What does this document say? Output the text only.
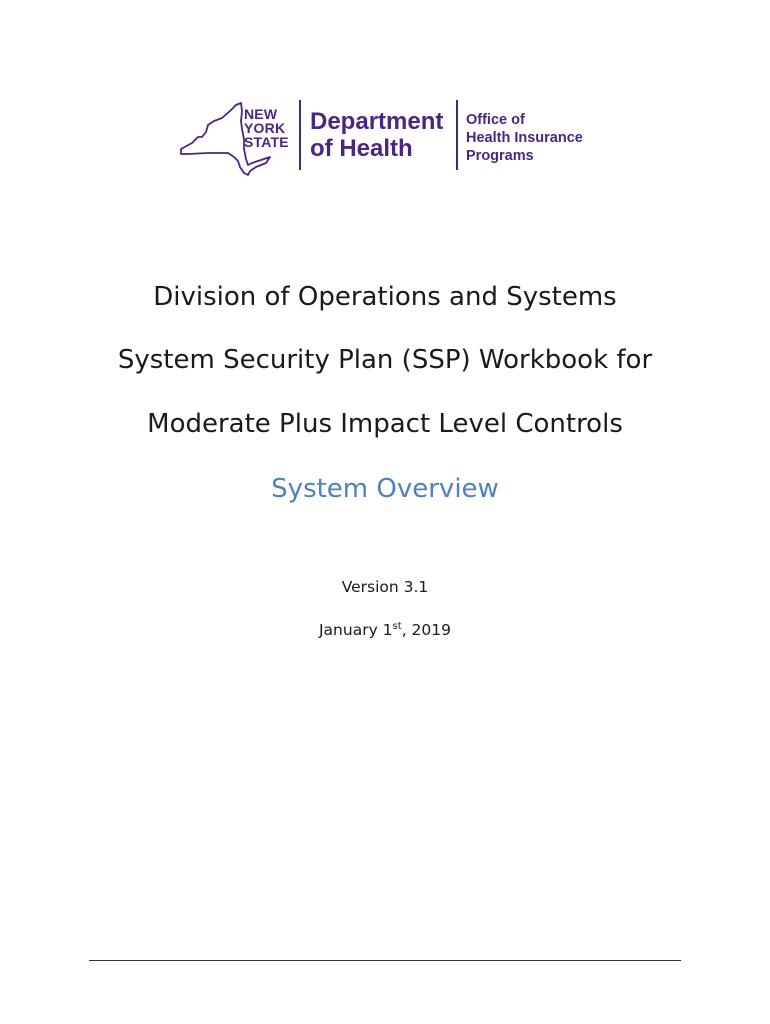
NEW
YORK
STATE
Department
of Health
Office of
Health Insurance
Programs
Division of Operations and Systems
System Security Plan (SSP) Workbook for
Moderate Plus Impact Level Controls
System Overview
Version 3.1
January 1st, 2019
